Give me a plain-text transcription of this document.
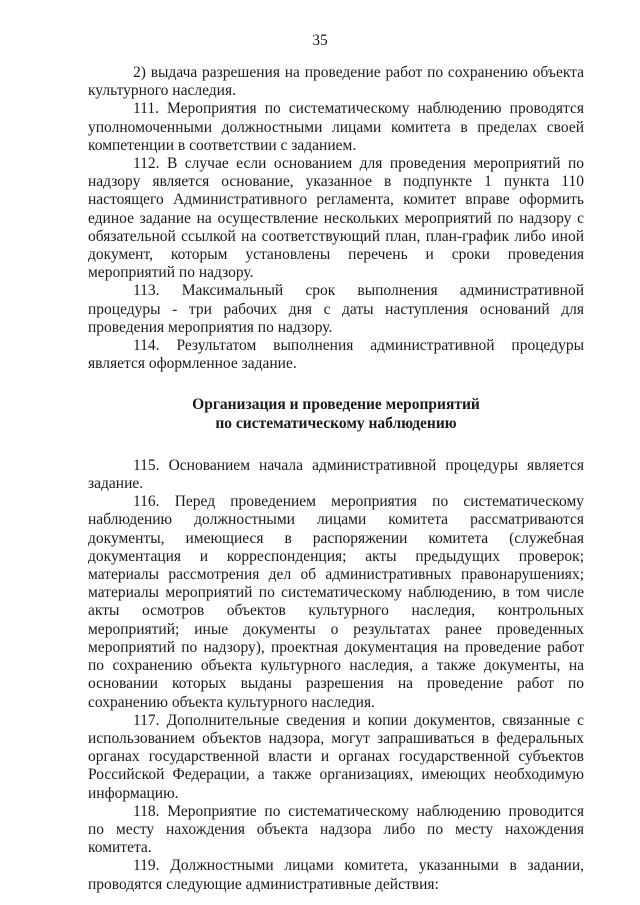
35

2) выдача разрешения на проведение работ по сохранению объекта культурного наследия.

111. Мероприятия по систематическому наблюдению проводятся уполномоченными должностными лицами комитета в пределах своей компетенции в соответствии с заданием.

112. В случае если основанием для проведения мероприятий по надзору является основание, указанное в подпункте 1 пункта 110 настоящего Административного регламента, комитет вправе оформить единое задание на осуществление нескольких мероприятий по надзору с обязательной ссылкой на соответствующий план, план-график либо иной документ, которым установлены перечень и сроки проведения мероприятий по надзору.

113. Максимальный срок выполнения административной процедуры - три рабочих дня с даты наступления оснований для проведения мероприятия по надзору.

114. Результатом выполнения административной процедуры является оформленное задание.

Организация и проведение мероприятий
по систематическому наблюдению

115. Основанием начала административной процедуры является задание.

116. Перед проведением мероприятия по систематическому наблюдению должностными лицами комитета рассматриваются документы, имеющиеся в распоряжении комитета (служебная документация и корреспонденция; акты предыдущих проверок; материалы рассмотрения дел об административных правонарушениях; материалы мероприятий по систематическому наблюдению, в том числе акты осмотров объектов культурного наследия, контрольных мероприятий; иные документы о результатах ранее проведенных мероприятий по надзору), проектная документация на проведение работ по сохранению объекта культурного наследия, а также документы, на основании которых выданы разрешения на проведение работ по сохранению объекта культурного наследия.

117. Дополнительные сведения и копии документов, связанные с использованием объектов надзора, могут запрашиваться в федеральных органах государственной власти и органах государственной субъектов Российской Федерации, а также организациях, имеющих необходимую информацию.

118. Мероприятие по систематическому наблюдению проводится по месту нахождения объекта надзора либо по месту нахождения комитета.

119. Должностными лицами комитета, указанными в задании, проводятся следующие административные действия:
